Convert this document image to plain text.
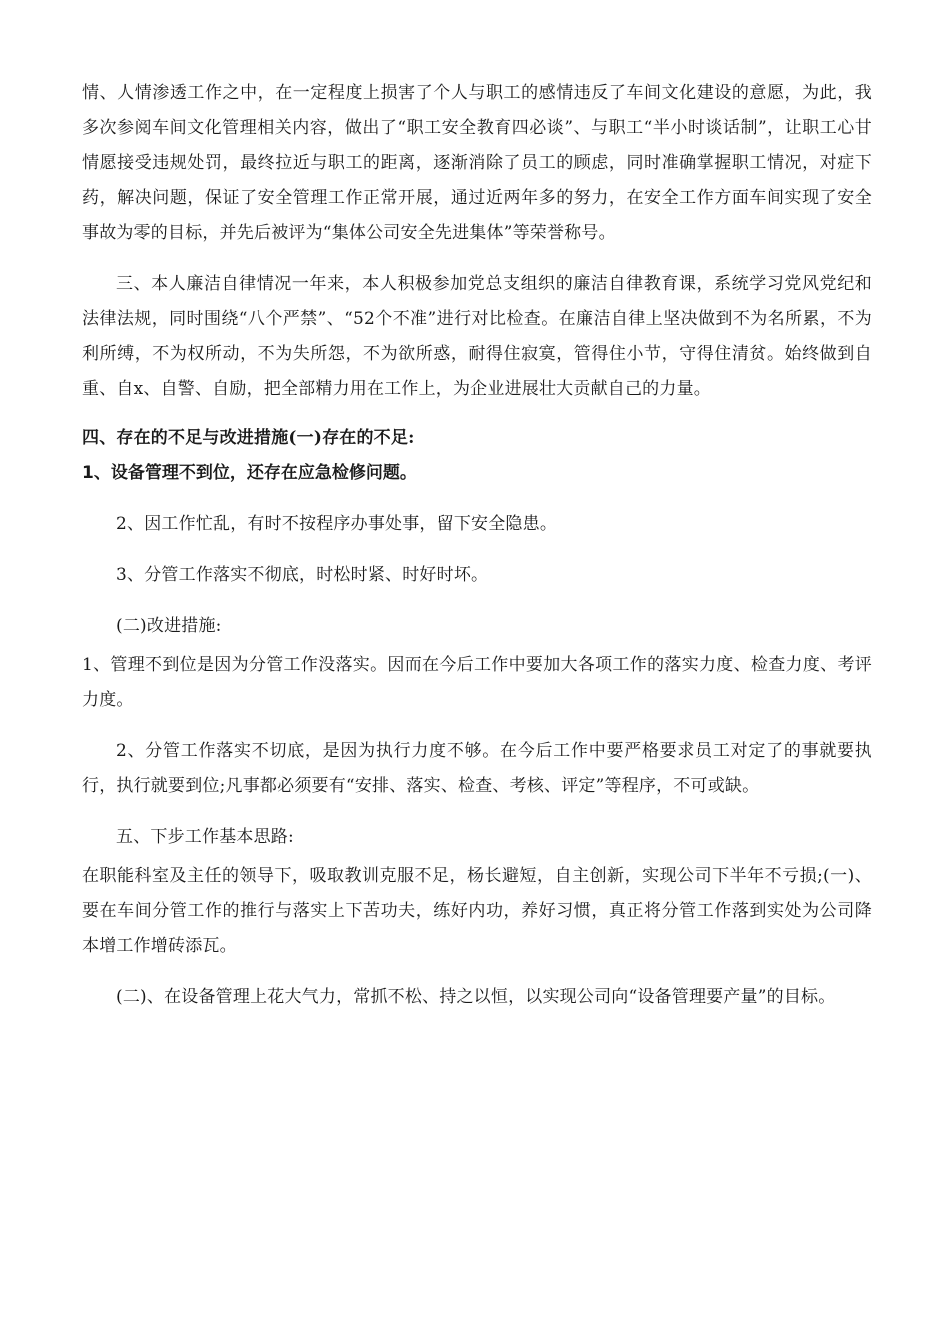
情、人情渗透工作之中，在一定程度上损害了个人与职工的感情违反了车间文化建设的意愿，为此，我多次参阅车间文化管理相关内容，做出了“职工安全教育四必谈”、与职工“半小时谈话制”，让职工心甘情愿接受违规处罚，最终拉近与职工的距离，逐渐消除了员工的顾虑，同时准确掌握职工情况，对症下药，解决问题，保证了安全管理工作正常开展，通过近两年多的努力，在安全工作方面车间实现了安全事故为零的目标，并先后被评为“集体公司安全先进集体”等荣誉称号。

三、本人廉洁自律情况一年来，本人积极参加党总支组织的廉洁自律教育课，系统学习党风党纪和法律法规，同时围绕“八个严禁”、“52个不准”进行对比检查。在廉洁自律上坚决做到不为名所累，不为利所缚，不为权所动，不为失所怨，不为欲所惑，耐得住寂寞，管得住小节，守得住清贫。始终做到自重、自x、自警、自励，把全部精力用在工作上，为企业进展壮大贡献自己的力量。

四、存在的不足与改进措施(一)存在的不足:

1、设备管理不到位，还存在应急检修问题。

2、因工作忙乱，有时不按程序办事处事，留下安全隐患。

3、分管工作落实不彻底，时松时紧、时好时坏。

(二)改进措施:

1、管理不到位是因为分管工作没落实。因而在今后工作中要加大各项工作的落实力度、检查力度、考评力度。

2、分管工作落实不切底，是因为执行力度不够。在今后工作中要严格要求员工对定了的事就要执行，执行就要到位;凡事都必须要有“安排、落实、检查、考核、评定”等程序，不可或缺。

五、下步工作基本思路:

在职能科室及主任的领导下，吸取教训克服不足，杨长避短，自主创新，实现公司下半年不亏损;(一)、要在车间分管工作的推行与落实上下苦功夫，练好内功，养好习惯，真正将分管工作落到实处为公司降本增工作增砖添瓦。

(二)、在设备管理上花大气力，常抓不松、持之以恒，以实现公司向“设备管理要产量”的目标。
